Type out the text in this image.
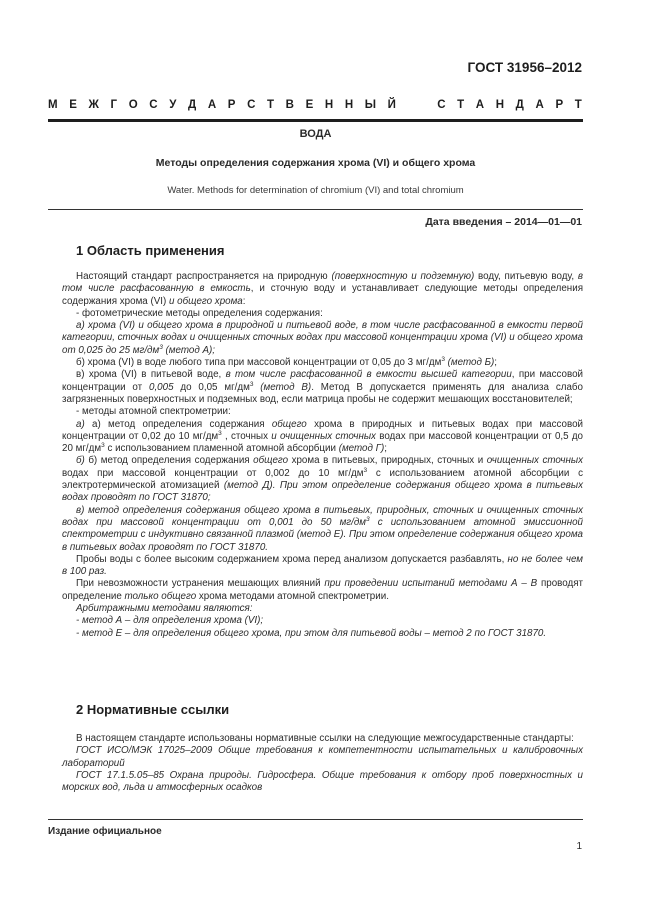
ГОСТ 31956–2012
М Е Ж Г О С У Д А Р С Т В Е Н Н Ы Й

	С Т А Н Д А Р Т
ВОДА
Методы определения содержания хрома (VI) и общего хрома
Water. Methods for determination of chromium (VI) and total chromium
Дата введения – 2014—01—01
1 Область применения

Настоящий стандарт распространяется на природную (поверхностную и подземную) воду, питьевую воду, в том числе расфасованную в емкость, и сточную воду и устанавливает следующие методы определения содержания хрома (VI) и общего хрома:

- фотометрические методы определения содержания:

а) хрома (VI) и общего хрома в природной и питьевой воде, в том числе расфасованной в емкости первой категории, сточных водах и очищенных сточных водах при массовой концентрации хрома (VI) и общего хрома от 0,025 до 25 $мг/дм^3$ (метод А);

б) хрома (VI) в воде любого типа при массовой концентрации от 0,05 до 3 $мг/дм^3$ (метод Б);

в) хрома (VI) в питьевой воде, в том числе расфасованной в емкости высшей категории, при массовой концентрации от 0,005 до 0,05 $мг/дм^3$ (метод В). Метод В допускается применять для анализа слабо загрязненных поверхностных и подземных вод, если матрица пробы не содержит мешающих восстановителей;

- методы атомной спектрометрии:

а) а) метод определения содержания общего хрома в природных и питьевых водах при массовой концентрации от 0,02 до 10 $мг/дм^3$ , сточных и очищенных сточных водах при массовой концентрации от 0,5 до 20 $мг/дм^3$ с использованием пламенной атомной абсорбции (метод Г);

б) б) метод определения содержания общего хрома в питьевых, природных, сточных и очищенных сточных водах при массовой концентрации от 0,002 до 10 $мг/дм^3$ с использованием атомной абсорбции с электротермической атомизацией (метод Д). При этом определение содержания общего хрома в питьевых водах проводят по ГОСТ 31870;

в) метод определения содержания общего хрома в питьевых, природных, сточных и очищенных сточных водах при массовой концентрации от 0,001 до 50 $мг/дм^3$ с использованием атомной эмиссионной спектрометрии с индуктивно связанной плазмой (метод Е). При этом определение содержания общего хрома в питьевых водах проводят по ГОСТ 31870.

Пробы воды с более высоким содержанием хрома перед анализом допускается разбавлять, но не более чем в 100 раз.

При невозможности устранения мешающих влияний при проведении испытаний методами А – В проводят определение только общего хрома методами атомной спектрометрии.

Арбитражными методами являются:

- метод А – для определения хрома (VI);

- метод Е – для определения общего хрома, при этом для питьевой воды – метод 2 по ГОСТ 31870.

2 Нормативные ссылки

В настоящем стандарте использованы нормативные ссылки на следующие межгосударственные стандарты:

ГОСТ ИСО/МЭК 17025–2009 Общие требования к компетентности испытательных и калибровочных лабораторий

ГОСТ 17.1.5.05–85 Охрана природы. Гидросфера. Общие требования к отбору проб поверхностных и морских вод, льда и атмосферных осадков

Издание официальное
1
